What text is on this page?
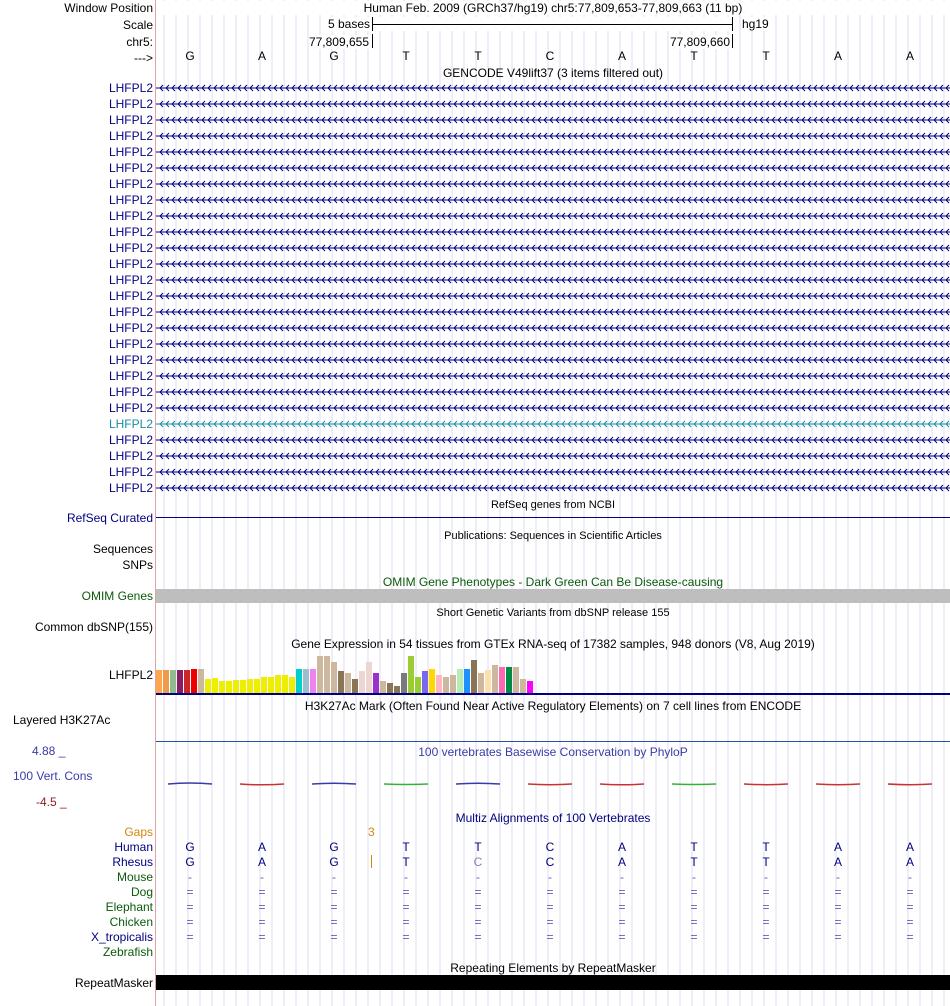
Window Position	Human Feb. 2009 (GRCh37/hg19) chr5:77,809,653-77,809,663 (11 bp)
Scale	5 bases	hg19
chr5:	77,809,655	77,809,660
--->	G	A	G	T	T	C	A	T	T	A	A
GENCODE V49lift37 (3 items filtered out)
LHFPL2
LHFPL2
LHFPL2
LHFPL2
LHFPL2
LHFPL2
LHFPL2
LHFPL2
LHFPL2
LHFPL2
LHFPL2
LHFPL2
LHFPL2
LHFPL2
LHFPL2
LHFPL2
LHFPL2
LHFPL2
LHFPL2
LHFPL2
LHFPL2
LHFPL2
LHFPL2
LHFPL2
LHFPL2
LHFPL2
RefSeq genes from NCBI
RefSeq Curated
Publications: Sequences in Scientific Articles
Sequences
SNPs
OMIM Gene Phenotypes - Dark Green Can Be Disease-causing
OMIM Genes
Short Genetic Variants from dbSNP release 155
Common dbSNP(155)
Gene Expression in 54 tissues from GTEx RNA-seq of 17382 samples, 948 donors (V8, Aug 2019)
LHFPL2
H3K27Ac Mark (Often Found Near Active Regulatory Elements) on 7 cell lines from ENCODE
Layered H3K27Ac
4.88 _	100 vertebrates Basewise Conservation by PhyloP
100 Vert. Cons
-4.5 _
Multiz Alignments of 100 Vertebrates
Gaps	3
Human	G	A	G	T	T	C	A	T	T	A	A
Rhesus	G	A	G	T	C	C	A	T	T	A	A
Mouse	-	-	-	-	-	-	-	-	-	-	-
Dog	=	=	=	=	=	=	=	=	=	=	=
Elephant	=	=	=	=	=	=	=	=	=	=	=
Chicken	=	=	=	=	=	=	=	=	=	=	=
X_tropicalis	=	=	=	=	=	=	=	=	=	=	=
Zebrafish
Repeating Elements by RepeatMasker
RepeatMasker
